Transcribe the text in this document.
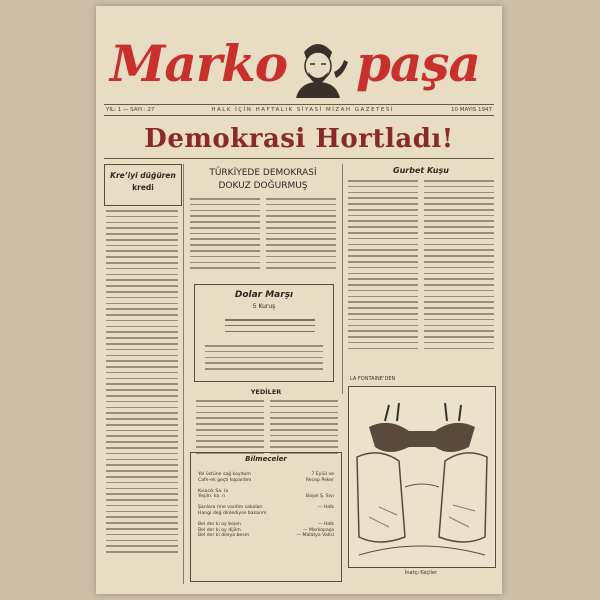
Marko paşa
YIL: 1 — SAYI : 27	HALK İÇİN HAFTALIK SİYASİ MİZAH GAZETESİ	10 MAYIS 1947
Demokrasi Hortladı!
Kreʼiyi düğüren
kredi
TÜRKİYEDE DEMOKRASİ
DOKUZ DOĞURMUŞ
Dolar Marşı
5 Kuruş
YEDİLER
Bilmeceler
Yol üstüne sağ koydum	7 Eyiül ve
Cafe-ek geçti kopardım	Recep Peker
Kısacık Sa. la
Yeşiln. ka. rı	Boşel Ş. Sıvı
Şanlara rine vardim sakaları	— Halk
Hangi değ dinlediyse bakarım
Bel der ki oy bejen	— Halk
Bel der ki oy dijiim	— Markopaşa
Bel der ki dileya besm	— Malatya Valisi
Gurbet Kuşu
LA FONTAINEʼDEN
İnatçı Keçiler
